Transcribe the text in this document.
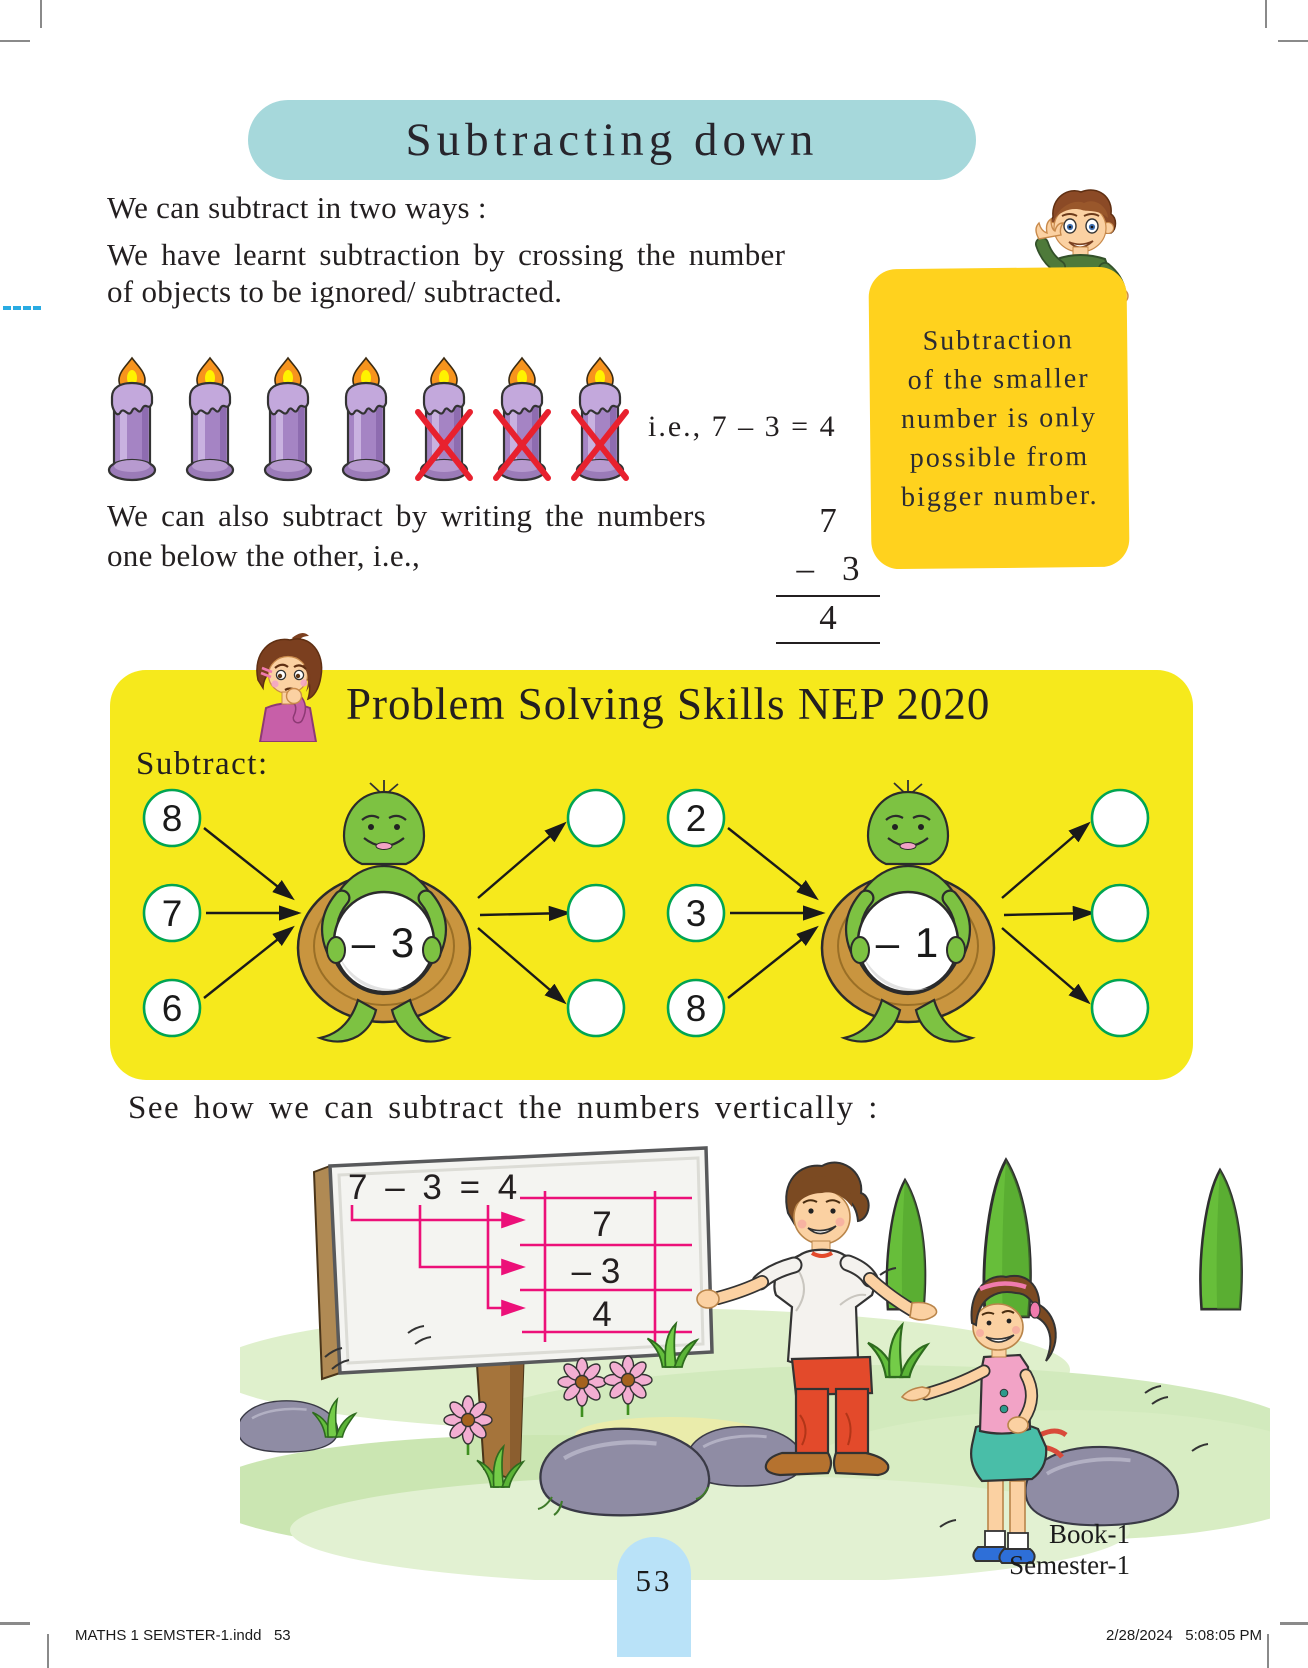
Subtracting down
We can subtract in two ways :
We have learnt subtraction by crossing the number
of objects to be ignored/ subtracted.
Subtraction
of the smaller
number is only
possible from
bigger number.
i.e., 7 – 3 = 4
We can also subtract by writing the numbers
one below the other, i.e.,
7
– 3
4
Problem Solving Skills NEP 2020
Subtract:
8
7
6
– 3
2
3
8
– 1
See how we can subtract the numbers vertically :
7 – 3 = 4
7
– 3
4
53
Book-1 Semester-1
MATHS 1 SEMSTER-1.indd   53	2/28/2024   5:08:05 PM
